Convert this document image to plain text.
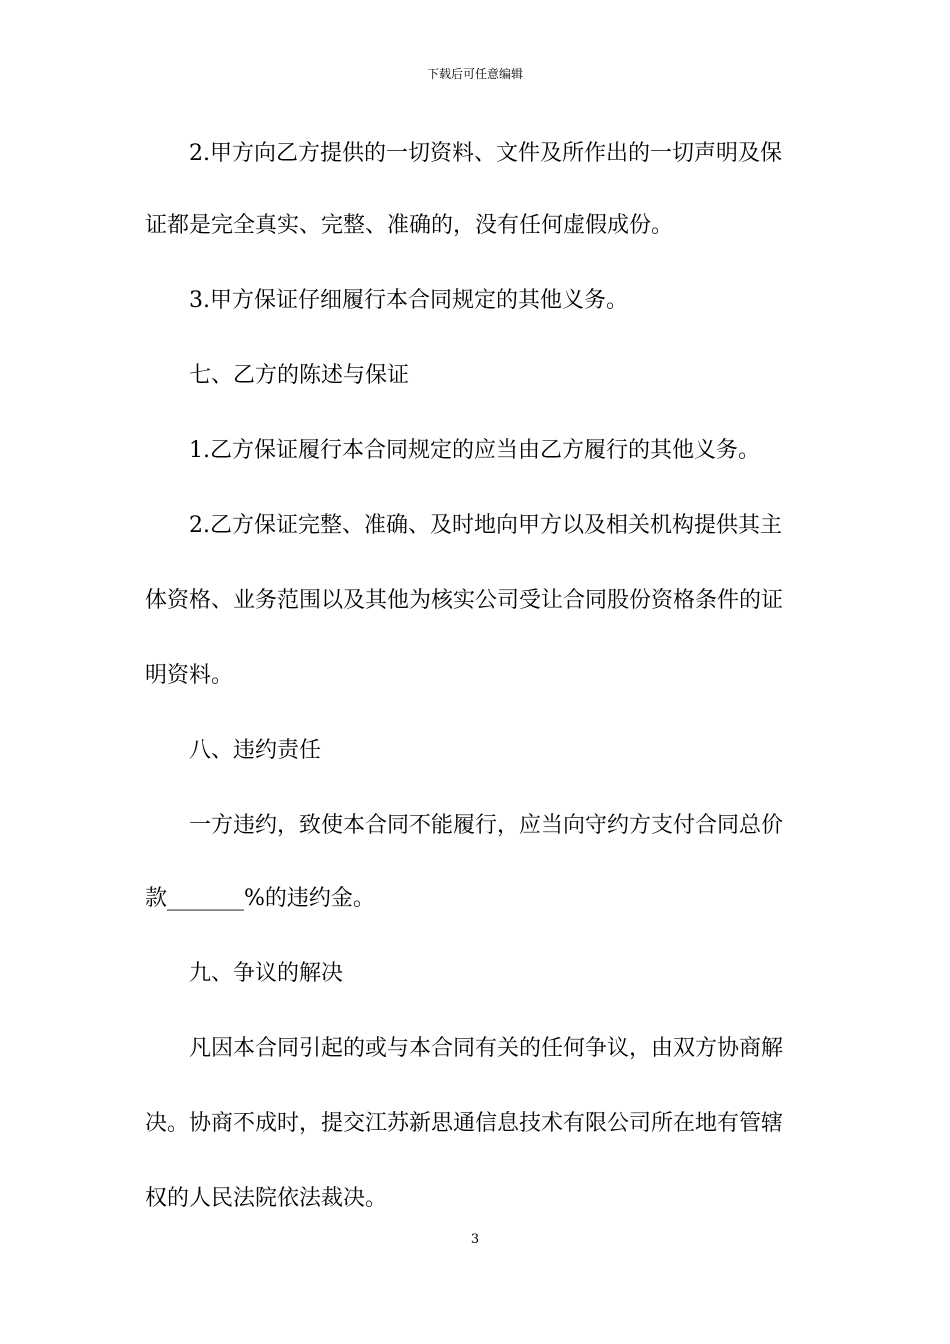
下载后可任意编辑
2.甲方向乙方提供的一切资料、文件及所作出的一切声明及保
证都是完全真实、完整、准确的，没有任何虚假成份。
3.甲方保证仔细履行本合同规定的其他义务。
七、乙方的陈述与保证
1.乙方保证履行本合同规定的应当由乙方履行的其他义务。
2.乙方保证完整、准确、及时地向甲方以及相关机构提供其主
体资格、业务范围以及其他为核实公司受让合同股份资格条件的证
明资料。
八、违约责任
一方违约，致使本合同不能履行，应当向守约方支付合同总价
款_______%的违约金。
九、争议的解决
凡因本合同引起的或与本合同有关的任何争议，由双方协商解
决。协商不成时，提交江苏新思通信息技术有限公司所在地有管辖
权的人民法院依法裁决。
3
